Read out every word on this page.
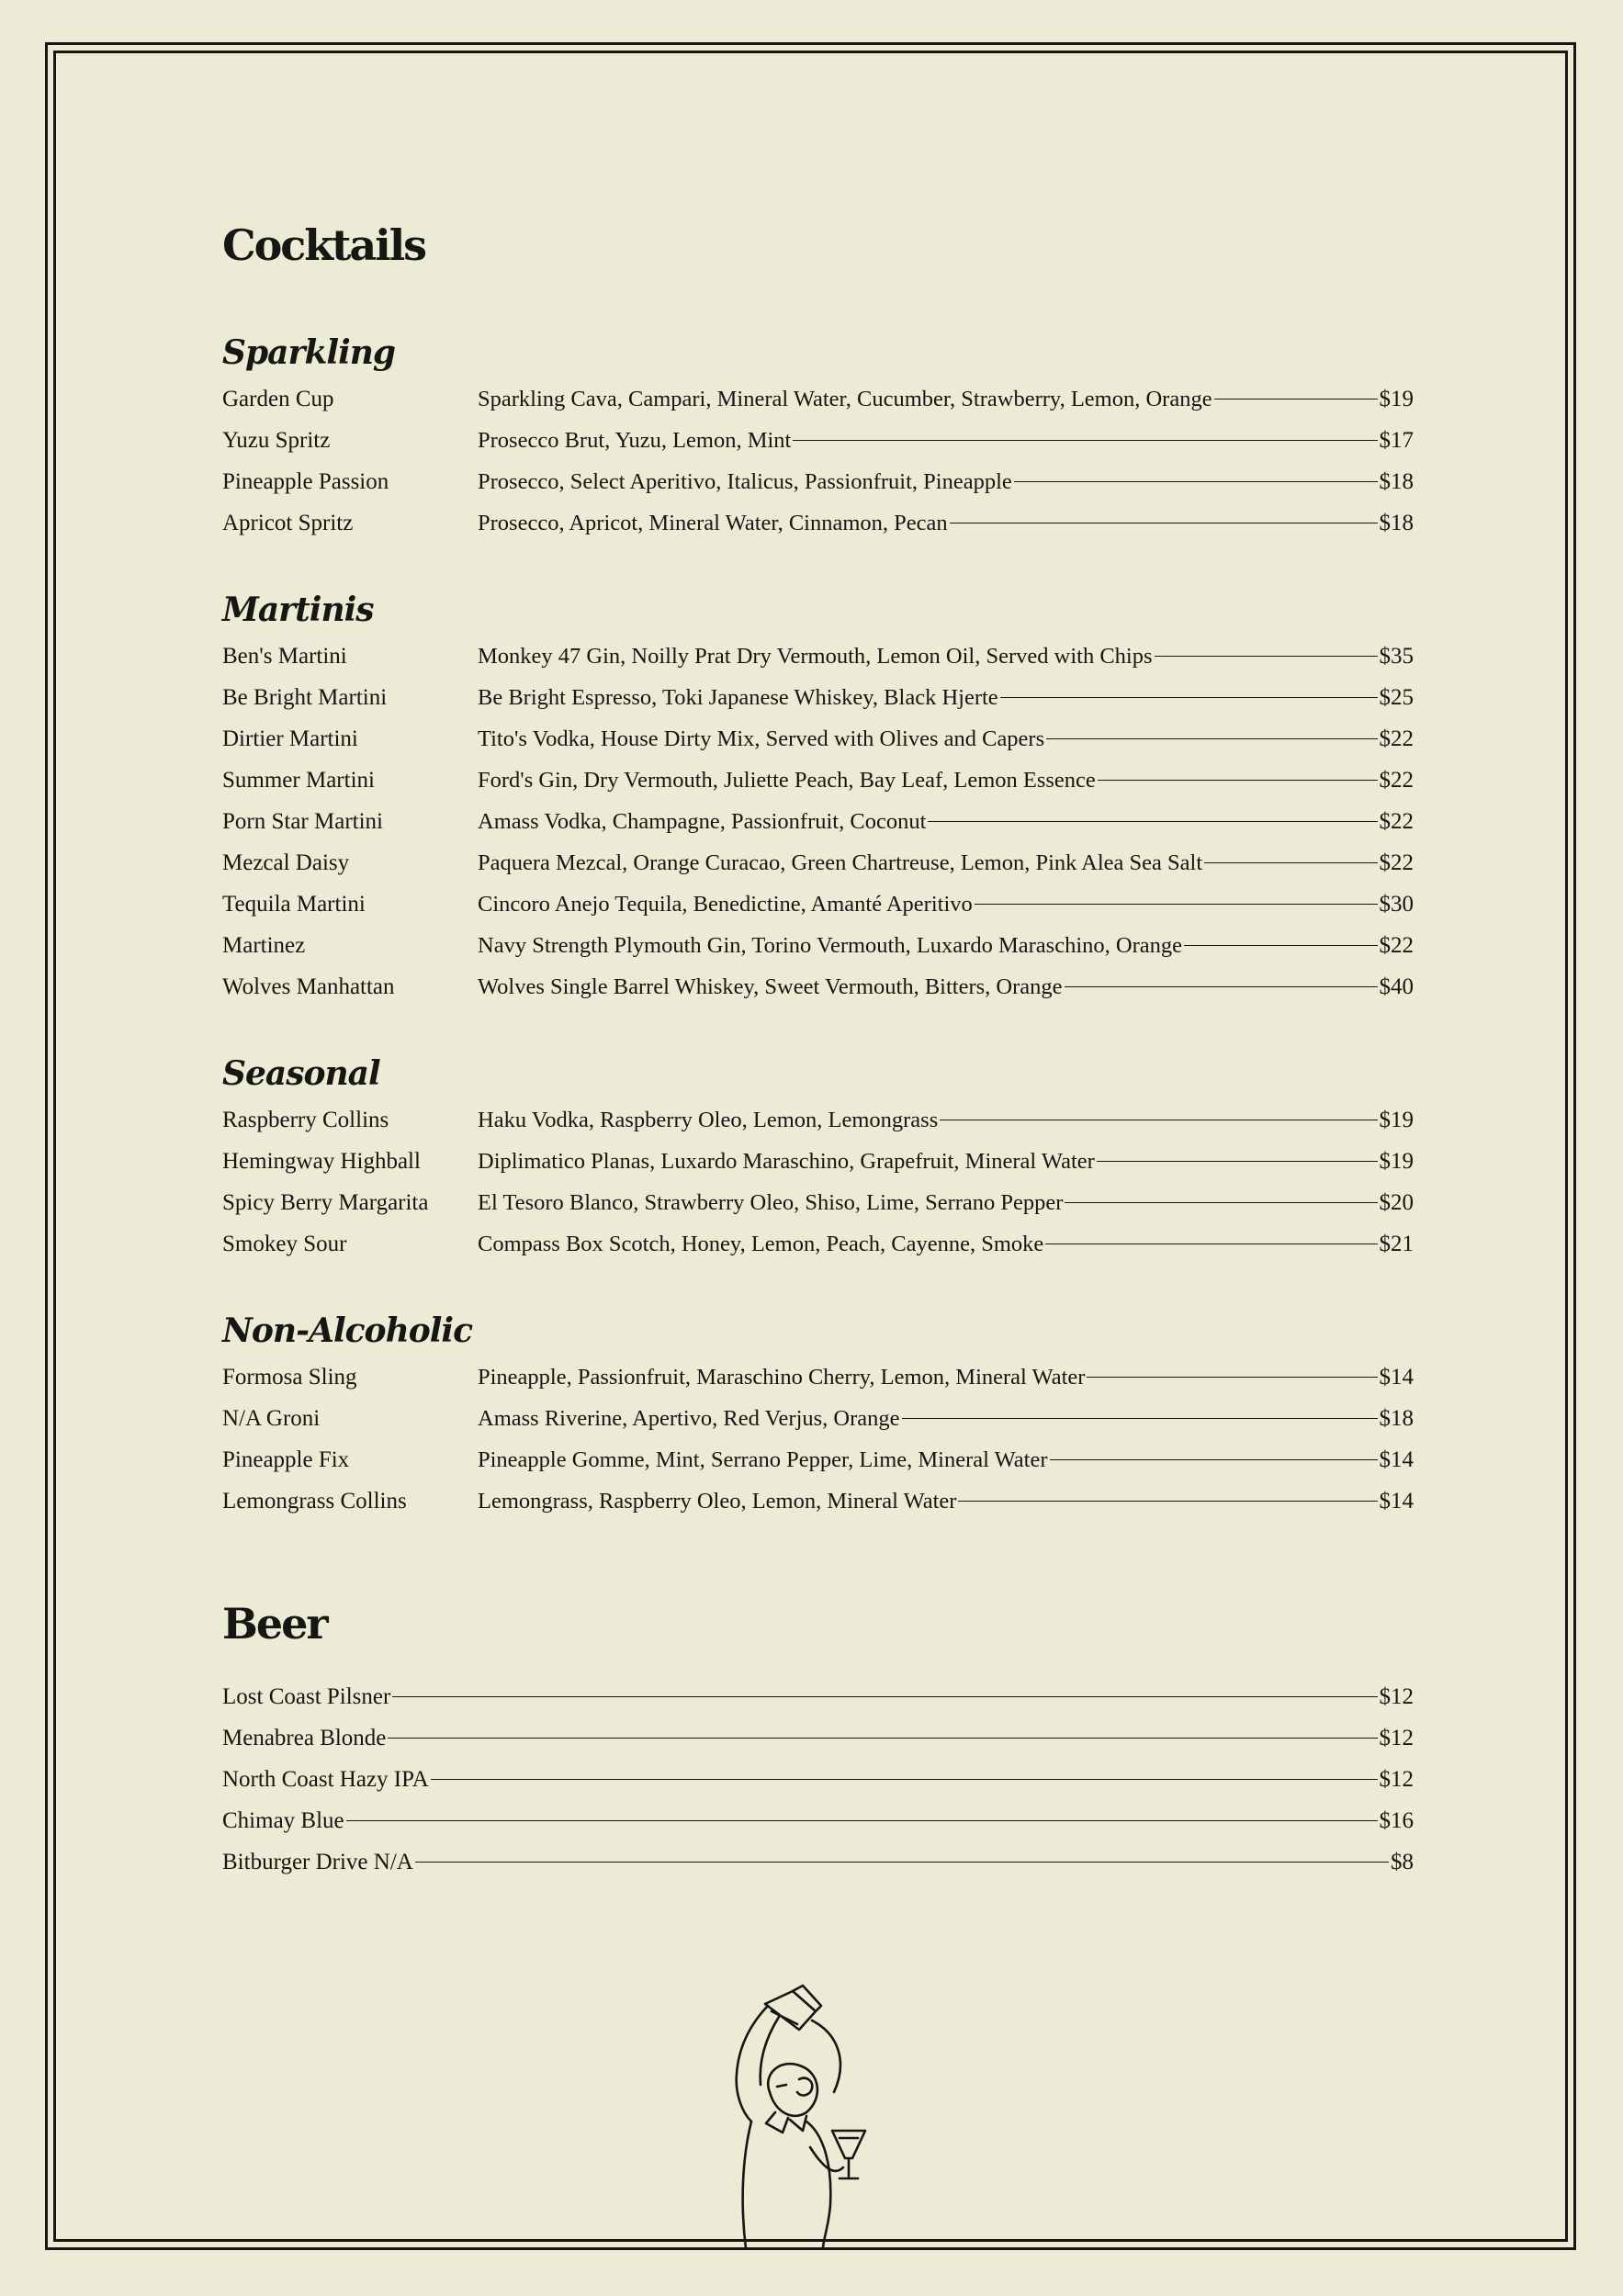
Cocktails
Sparkling
Garden Cup	Sparkling Cava, Campari, Mineral Water, Cucumber, Strawberry, Lemon, Orange	$19
Yuzu Spritz	Prosecco Brut, Yuzu, Lemon, Mint	$17
Pineapple Passion	Prosecco, Select Aperitivo, Italicus, Passionfruit, Pineapple	$18
Apricot Spritz	Prosecco, Apricot, Mineral Water, Cinnamon, Pecan	$18
Martinis
Ben's Martini	Monkey 47 Gin, Noilly Prat Dry Vermouth, Lemon Oil, Served with Chips	$35
Be Bright Martini	Be Bright Espresso, Toki Japanese Whiskey, Black Hjerte	$25
Dirtier Martini	Tito's Vodka, House Dirty Mix, Served with Olives and Capers	$22
Summer Martini	Ford's Gin, Dry Vermouth, Juliette Peach, Bay Leaf, Lemon Essence	$22
Porn Star Martini	Amass Vodka, Champagne, Passionfruit, Coconut	$22
Mezcal Daisy	Paquera Mezcal, Orange Curacao, Green Chartreuse, Lemon, Pink Alea Sea Salt	$22
Tequila Martini	Cincoro Anejo Tequila, Benedictine, Amanté Aperitivo	$30
Martinez	Navy Strength Plymouth Gin, Torino Vermouth, Luxardo Maraschino, Orange	$22
Wolves Manhattan	Wolves Single Barrel Whiskey, Sweet Vermouth, Bitters, Orange	$40
Seasonal
Raspberry Collins	Haku Vodka, Raspberry Oleo, Lemon, Lemongrass	$19
Hemingway Highball	Diplimatico Planas, Luxardo Maraschino, Grapefruit, Mineral Water	$19
Spicy Berry Margarita	El Tesoro Blanco, Strawberry Oleo, Shiso, Lime, Serrano Pepper	$20
Smokey Sour	Compass Box Scotch, Honey, Lemon, Peach, Cayenne, Smoke	$21
Non-Alcoholic
Formosa Sling	Pineapple, Passionfruit, Maraschino Cherry, Lemon, Mineral Water	$14
N/A Groni	Amass Riverine, Apertivo, Red Verjus, Orange	$18
Pineapple Fix	Pineapple Gomme, Mint, Serrano Pepper, Lime, Mineral Water	$14
Lemongrass Collins	Lemongrass, Raspberry Oleo, Lemon, Mineral Water	$14
Beer
Lost Coast Pilsner	$12
Menabrea Blonde	$12
North Coast Hazy IPA	$12
Chimay Blue	$16
Bitburger Drive N/A	$8
